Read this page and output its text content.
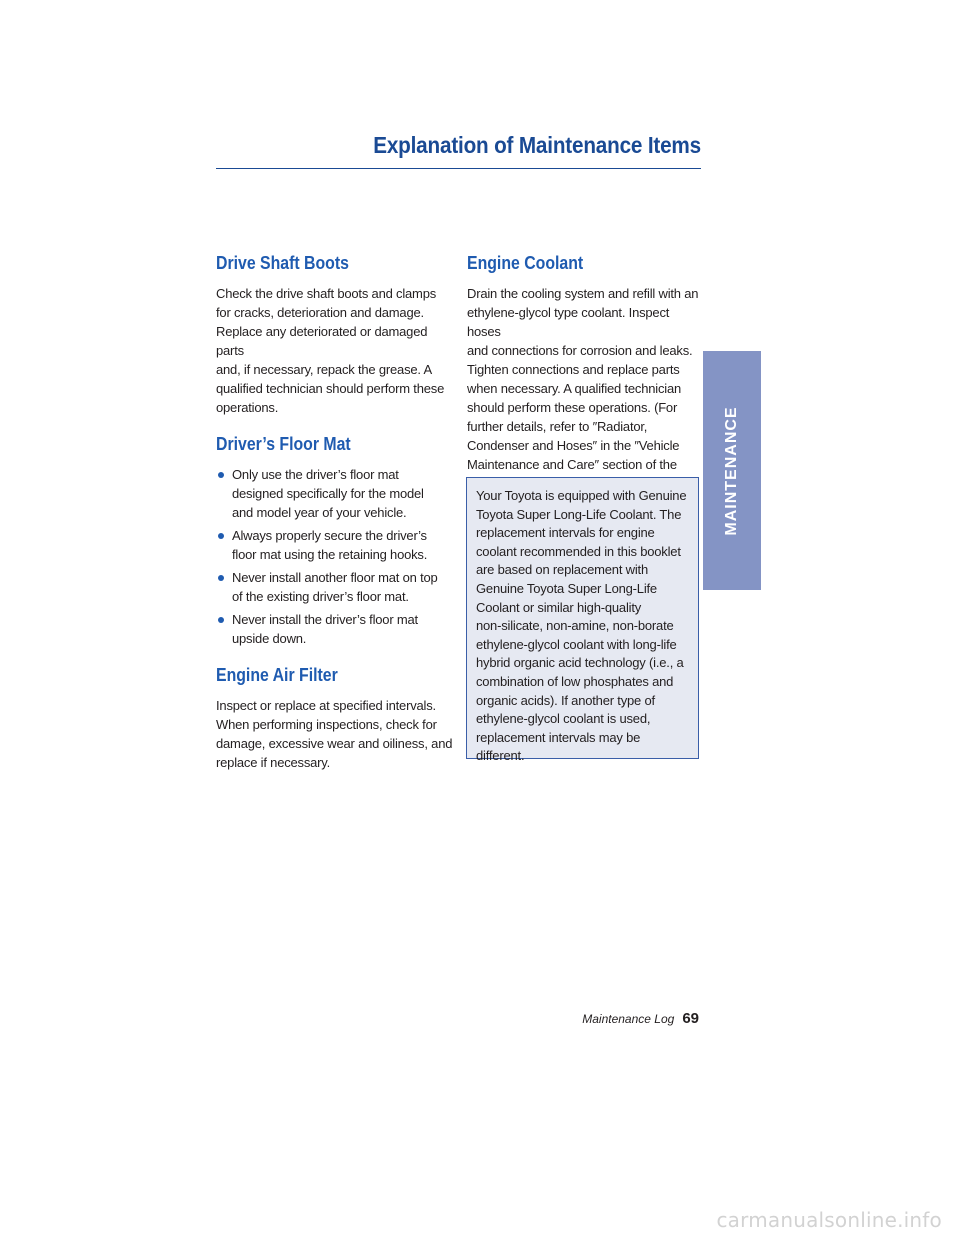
Explanation of Maintenance Items
Drive Shaft Boots

Check the drive shaft boots and clamps
for cracks, deterioration and damage.
Replace any deteriorated or damaged parts
and, if necessary, repack the grease. A
qualified technician should perform these
operations.

Driver’s Floor Mat
Only use the driver’s floor mat
designed specifically for the model
and model year of your vehicle.
Always properly secure the driver’s
floor mat using the retaining hooks.
Never install another floor mat on top
of the existing driver’s floor mat.
Never install the driver’s floor mat
upside down.
Engine Air Filter

Inspect or replace at specified intervals.
When performing inspections, check for
damage, excessive wear and oiliness, and
replace if necessary.

Engine Coolant

Drain the cooling system and refill with an
ethylene-glycol type coolant. Inspect hoses
and connections for corrosion and leaks.
Tighten connections and replace parts
when necessary. A qualified technician
should perform these operations. (For
further details, refer to ″Radiator,
Condenser and Hoses″ in the ″Vehicle
Maintenance and Care″ section of the

Your Toyota is equipped with Genuine
Toyota Super Long-Life Coolant. The
replacement intervals for engine
coolant recommended in this booklet
are based on replacement with
Genuine Toyota Super Long-Life
Coolant or similar high-quality
non-silicate, non-amine, non-borate
ethylene-glycol coolant with long-life
hybrid organic acid technology (i.e., a
combination of low phosphates and
organic acids). If another type of
ethylene-glycol coolant is used,
replacement intervals may be different.

MAINTENANCE
Maintenance Log 69
carmanualsonline.info
